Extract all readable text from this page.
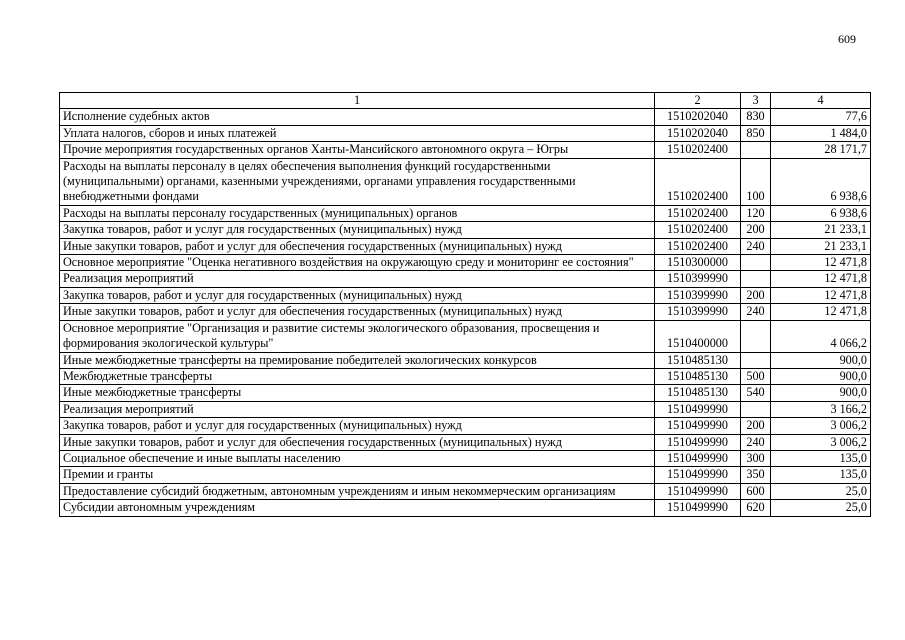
609
1	2	3	4
Исполнение судебных актов	1510202040	830	77,6
Уплата налогов, сборов и иных платежей	1510202040	850	1 484,0
Прочие мероприятия государственных органов Ханты-Мансийского автономного округа – Югры	1510202400		28 171,7
Расходы на выплаты персоналу в целях обеспечения выполнения функций государственными (муниципальными) органами, казенными учреждениями, органами управления государственными внебюджетными фондами	1510202400	100	6 938,6
Расходы на выплаты персоналу государственных (муниципальных) органов	1510202400	120	6 938,6
Закупка товаров, работ и услуг для государственных (муниципальных) нужд	1510202400	200	21 233,1
Иные закупки товаров, работ и услуг для обеспечения государственных (муниципальных) нужд	1510202400	240	21 233,1
Основное мероприятие "Оценка негативного воздействия на окружающую среду и мониторинг ее состояния"	1510300000		12 471,8
Реализация мероприятий	1510399990		12 471,8
Закупка товаров, работ и услуг для государственных (муниципальных) нужд	1510399990	200	12 471,8
Иные закупки товаров, работ и услуг для обеспечения государственных (муниципальных) нужд	1510399990	240	12 471,8
Основное мероприятие "Организация и развитие системы экологического образования, просвещения и формирования экологической культуры"	1510400000		4 066,2
Иные межбюджетные трансферты на премирование победителей экологических конкурсов	1510485130		900,0
Межбюджетные трансферты	1510485130	500	900,0
Иные межбюджетные трансферты	1510485130	540	900,0
Реализация мероприятий	1510499990		3 166,2
Закупка товаров, работ и услуг для государственных (муниципальных) нужд	1510499990	200	3 006,2
Иные закупки товаров, работ и услуг для обеспечения государственных (муниципальных) нужд	1510499990	240	3 006,2
Социальное обеспечение и иные выплаты населению	1510499990	300	135,0
Премии и гранты	1510499990	350	135,0
Предоставление субсидий бюджетным, автономным учреждениям и иным некоммерческим организациям	1510499990	600	25,0
Субсидии автономным учреждениям	1510499990	620	25,0
